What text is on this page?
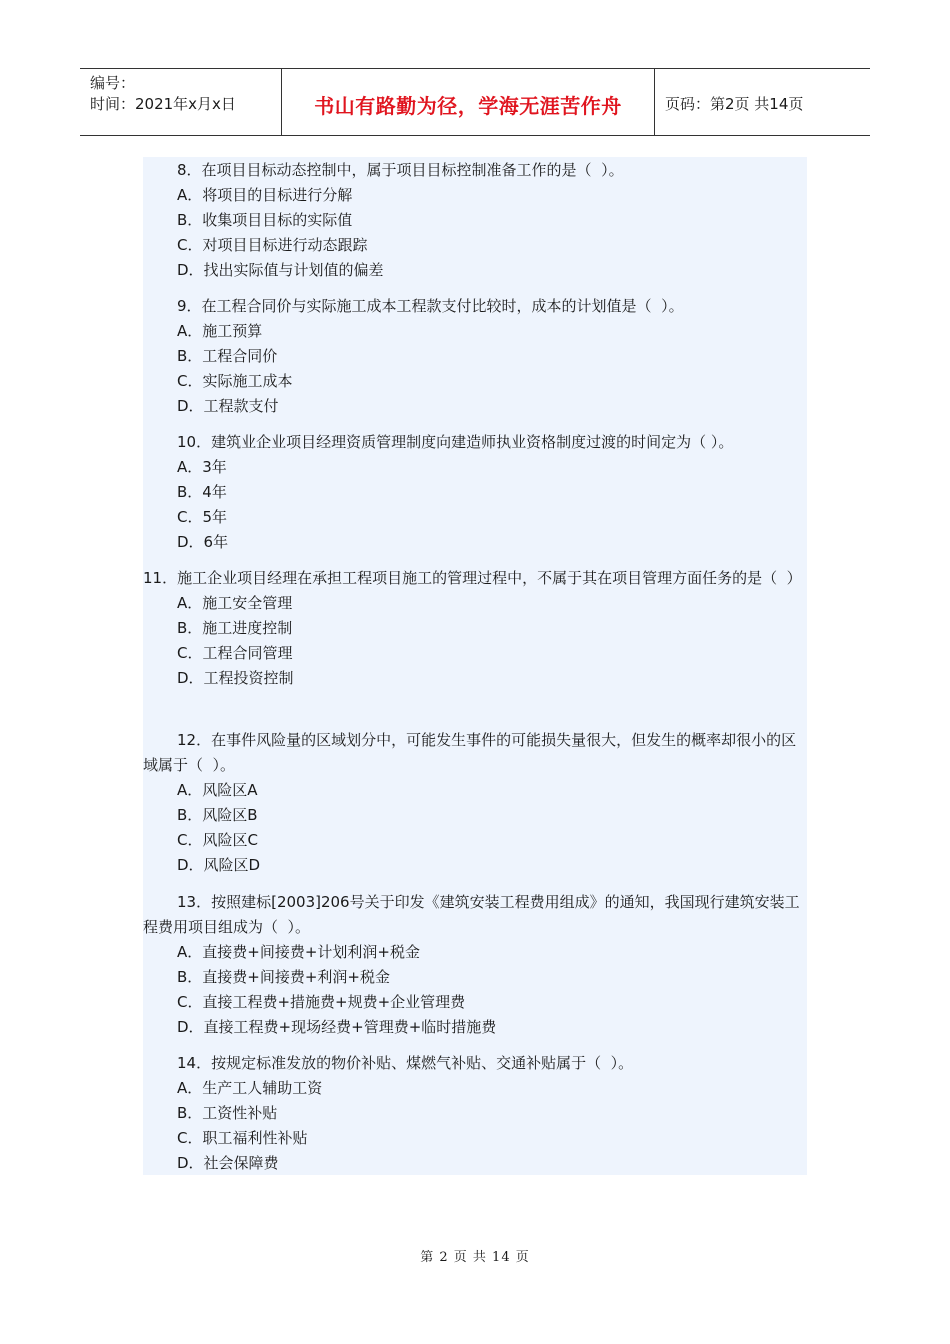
编号：
时间：2021年x月x日	书山有路勤为径，学海无涯苦作舟	页码：第2页 共14页

8．在项目目标动态控制中，属于项目目标控制准备工作的是（  ）。

A．将项目的目标进行分解

B．收集项目目标的实际值

C．对项目目标进行动态跟踪

D．找出实际值与计划值的偏差

9．在工程合同价与实际施工成本工程款支付比较时，成本的计划值是（  ）。

A．施工预算

B．工程合同价

C．实际施工成本

D．工程款支付

10．建筑业企业项目经理资质管理制度向建造师执业资格制度过渡的时间定为（ ）。

A．3年

B．4年

C．5年

D．6年

11．施工企业项目经理在承担工程项目施工的管理过程中，不属于其在项目管理方面任务的是（  ）

A．施工安全管理

B．施工进度控制

C．工程合同管理

D．工程投资控制

12．在事件风险量的区域划分中，可能发生事件的可能损失量很大，但发生的概率却很小的区域属于（  ）。

A．风险区A

B．风险区B

C．风险区C

D．风险区D

13．按照建标[2003]206号关于印发《建筑安装工程费用组成》的通知，我国现行建筑安装工程费用项目组成为（  ）。

A．直接费+间接费+计划利润+税金

B．直接费+间接费+利润+税金

C．直接工程费+措施费+规费+企业管理费

D．直接工程费+现场经费+管理费+临时措施费

14．按规定标准发放的物价补贴、煤燃气补贴、交通补贴属于（  ）。

A．生产工人辅助工资

B．工资性补贴

C．职工福利性补贴

D．社会保障费

第 2 页 共 14 页
